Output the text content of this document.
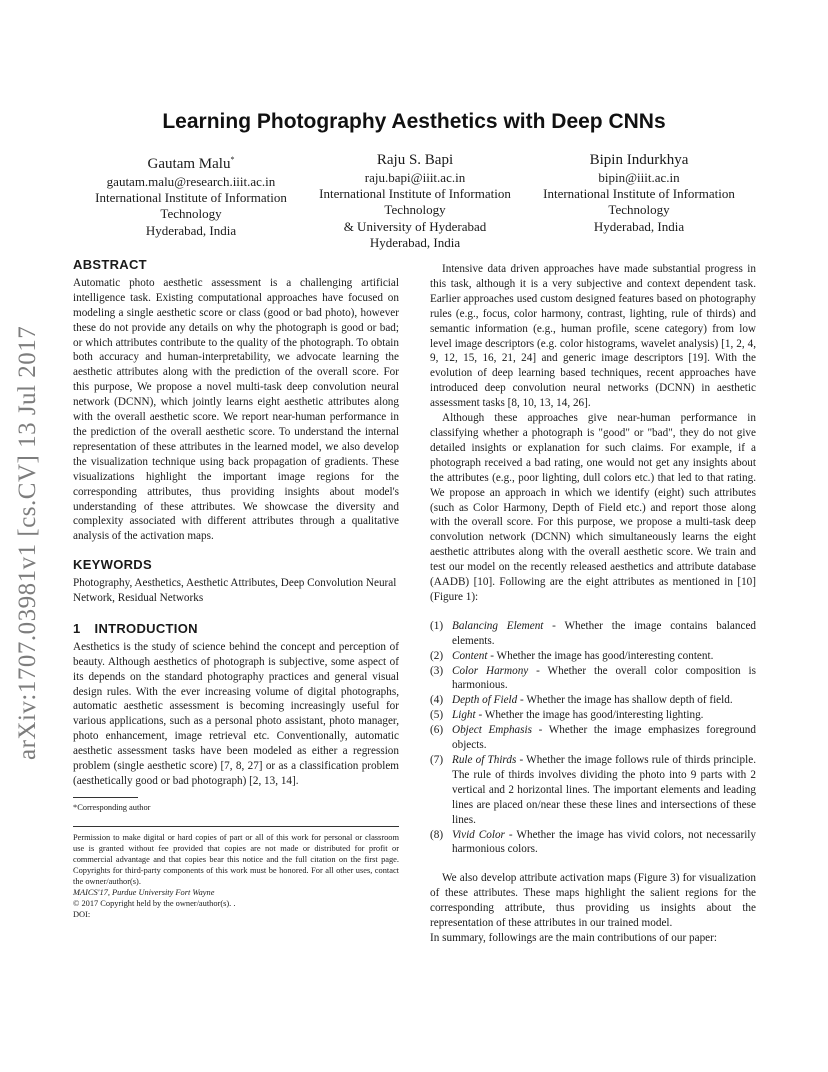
Learning Photography Aesthetics with Deep CNNs
Gautam Malu*
gautam.malu@research.iiit.ac.in
International Institute of Information
Technology
Hyderabad, India
Raju S. Bapi
raju.bapi@iiit.ac.in
International Institute of Information
Technology
& University of Hyderabad
Hyderabad, India
Bipin Indurkhya
bipin@iiit.ac.in
International Institute of Information
Technology
Hyderabad, India
arXiv:1707.03981v1 [cs.CV] 13 Jul 2017
ABSTRACT

Automatic photo aesthetic assessment is a challenging artificial intelligence task. Existing computational approaches have focused on modeling a single aesthetic score or class (good or bad photo), however these do not provide any details on why the photograph is good or bad; or which attributes contribute to the quality of the photograph. To obtain both accuracy and human-interpretability, we advocate learning the aesthetic attributes along with the prediction of the overall score. For this purpose, We propose a novel multi-task deep convolution neural network (DCNN), which jointly learns eight aesthetic attributes along with the overall aesthetic score. We report near-human performance in the prediction of the overall aesthetic score. To understand the internal representation of these attributes in the learned model, we also develop the visualization technique using back propagation of gradients. These visualizations highlight the important image regions for the corresponding attributes, thus providing insights about model's understanding of these attributes. We showcase the diversity and complexity associated with different attributes through a qualitative analysis of the activation maps.

KEYWORDS

Photography, Aesthetics, Aesthetic Attributes, Deep Convolution Neural Network, Residual Networks

1 INTRODUCTION

Aesthetics is the study of science behind the concept and perception of beauty. Although aesthetics of photograph is subjective, some aspect of its depends on the standard photography practices and general visual design rules. With the ever increasing volume of digital photographs, automatic aesthetic assessment is becoming increasingly useful for various applications, such as a personal photo assistant, photo manager, photo enhancement, image retrieval etc. Conventionally, automatic aesthetic assessment tasks have been modeled as either a regression problem (single aesthetic score) [7, 8, 27] or as a classification problem (aesthetically good or bad photograph) [2, 13, 14].

*Corresponding author
Permission to make digital or hard copies of part or all of this work for personal or classroom use is granted without fee provided that copies are not made or distributed for profit or commercial advantage and that copies bear this notice and the full citation on the first page. Copyrights for third-party components of this work must be honored. For all other uses, contact the owner/author(s).
MAICS'17, Purdue University Fort Wayne
© 2017 Copyright held by the owner/author(s). .
DOI:

Intensive data driven approaches have made substantial progress in this task, although it is a very subjective and context dependent task. Earlier approaches used custom designed features based on photography rules (e.g., focus, color harmony, contrast, lighting, rule of thirds) and semantic information (e.g., human profile, scene category) from low level image descriptors (e.g. color histograms, wavelet analysis) [1, 2, 4, 9, 12, 15, 16, 21, 24] and generic image descriptors [19]. With the evolution of deep learning based techniques, recent approaches have introduced deep convolution neural networks (DCNN) in aesthetic assessment tasks [8, 10, 13, 14, 26].

Although these approaches give near-human performance in classifying whether a photograph is "good" or "bad", they do not give detailed insights or explanation for such claims. For example, if a photograph received a bad rating, one would not get any insights about the attributes (e.g., poor lighting, dull colors etc.) that led to that rating. We propose an approach in which we identify (eight) such attributes (such as Color Harmony, Depth of Field etc.) and report those along with the overall score. For this purpose, we propose a multi-task deep convolution network (DCNN) which simultaneously learns the eight aesthetic attributes along with the overall aesthetic score. We train and test our model on the recently released aesthetics and attribute database (AADB) [10]. Following are the eight attributes as mentioned in [10] (Figure 1):

(1) Balancing Element - Whether the image contains balanced elements.
(2) Content - Whether the image has good/interesting content.
(3) Color Harmony - Whether the overall color composition is harmonious.
(4) Depth of Field - Whether the image has shallow depth of field.
(5) Light - Whether the image has good/interesting lighting.
(6) Object Emphasis - Whether the image emphasizes foreground objects.
(7) Rule of Thirds - Whether the image follows rule of thirds principle. The rule of thirds involves dividing the photo into 9 parts with 2 vertical and 2 horizontal lines. The important elements and leading lines are placed on/near these these lines and intersections of these lines.
(8) Vivid Color - Whether the image has vivid colors, not necessarily harmonious colors.

We also develop attribute activation maps (Figure 3) for visualization of these attributes. These maps highlight the salient regions for the corresponding attribute, thus providing us insights about the representation of these attributes in our trained model.

In summary, followings are the main contributions of our paper:
